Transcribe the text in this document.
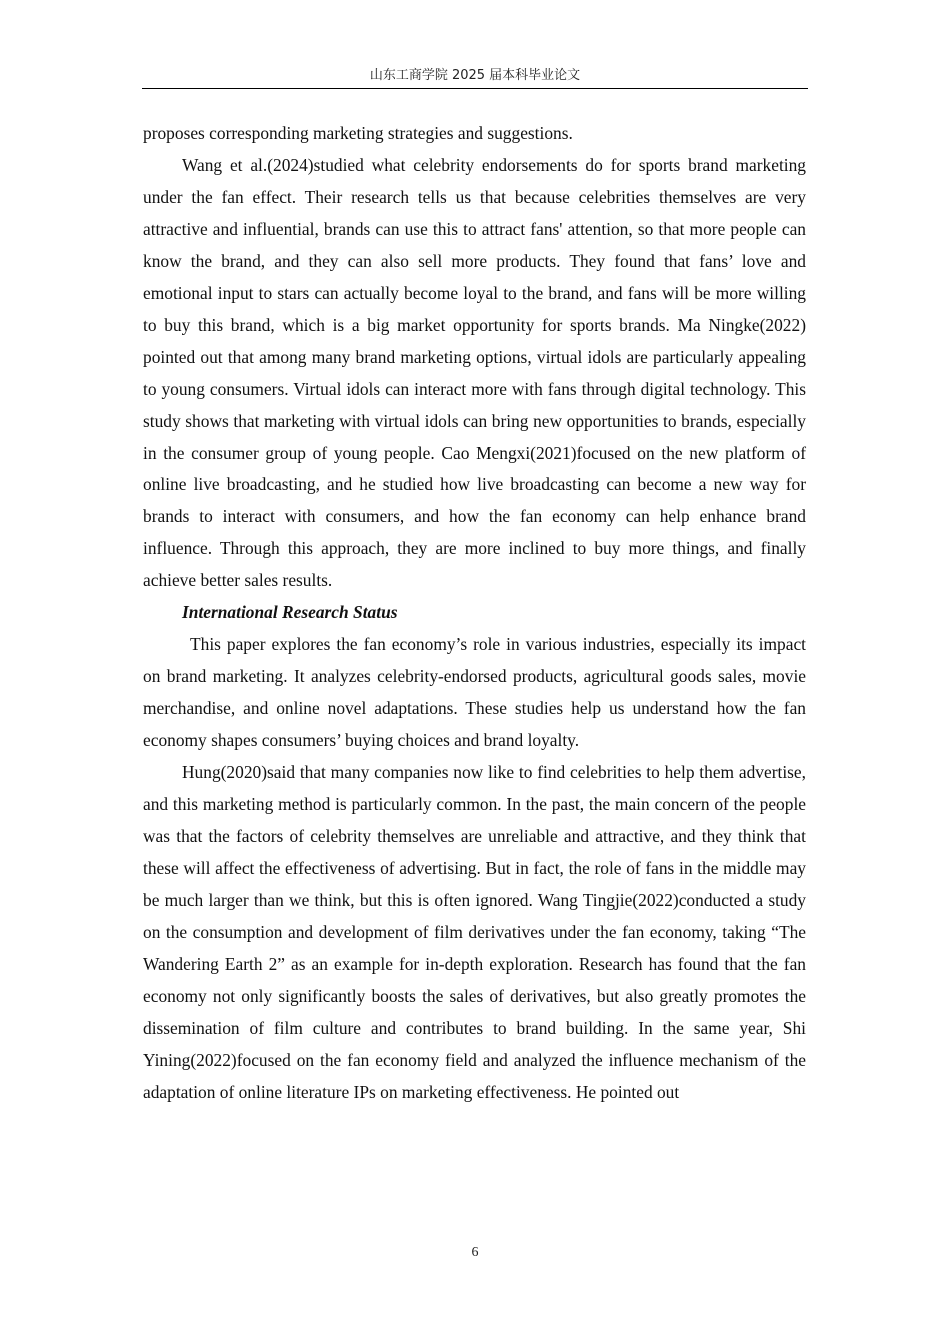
山东工商学院 2025 届本科毕业论文

proposes corresponding marketing strategies and suggestions.

Wang et al.(2024)studied what celebrity endorsements do for sports brand marketing under the fan effect. Their research tells us that because celebrities themselves are very attractive and influential, brands can use this to attract fans' attention, so that more people can know the brand, and they can also sell more products. They found that fans’ love and emotional input to stars can actually become loyal to the brand, and fans will be more willing to buy this brand, which is a big market opportunity for sports brands. Ma Ningke(2022) pointed out that among many brand marketing options, virtual idols are particularly appealing to young consumers. Virtual idols can interact more with fans through digital technology. This study shows that marketing with virtual idols can bring new opportunities to brands, especially in the consumer group of young people. Cao Mengxi(2021)focused on the new platform of online live broadcasting, and he studied how live broadcasting can become a new way for brands to interact with consumers, and how the fan economy can help enhance brand influence. Through this approach, they are more inclined to buy more things, and finally achieve better sales results.

International Research Status

This paper explores the fan economy’s role in various industries, especially its impact on brand marketing. It analyzes celebrity-endorsed products, agricultural goods sales, movie merchandise, and online novel adaptations. These studies help us understand how the fan economy shapes consumers’ buying choices and brand loyalty.

Hung(2020)said that many companies now like to find celebrities to help them advertise, and this marketing method is particularly common. In the past, the main concern of the people was that the factors of celebrity themselves are unreliable and attractive, and they think that these will affect the effectiveness of advertising. But in fact, the role of fans in the middle may be much larger than we think, but this is often ignored. Wang Tingjie(2022)conducted a study on the consumption and development of film derivatives under the fan economy, taking “The Wandering Earth 2” as an example for in-depth exploration. Research has found that the fan economy not only significantly boosts the sales of derivatives, but also greatly promotes the dissemination of film culture and contributes to brand building. In the same year, Shi Yining(2022)focused on the fan economy field and analyzed the influence mechanism of the adaptation of online literature IPs on marketing effectiveness. He pointed out

6
